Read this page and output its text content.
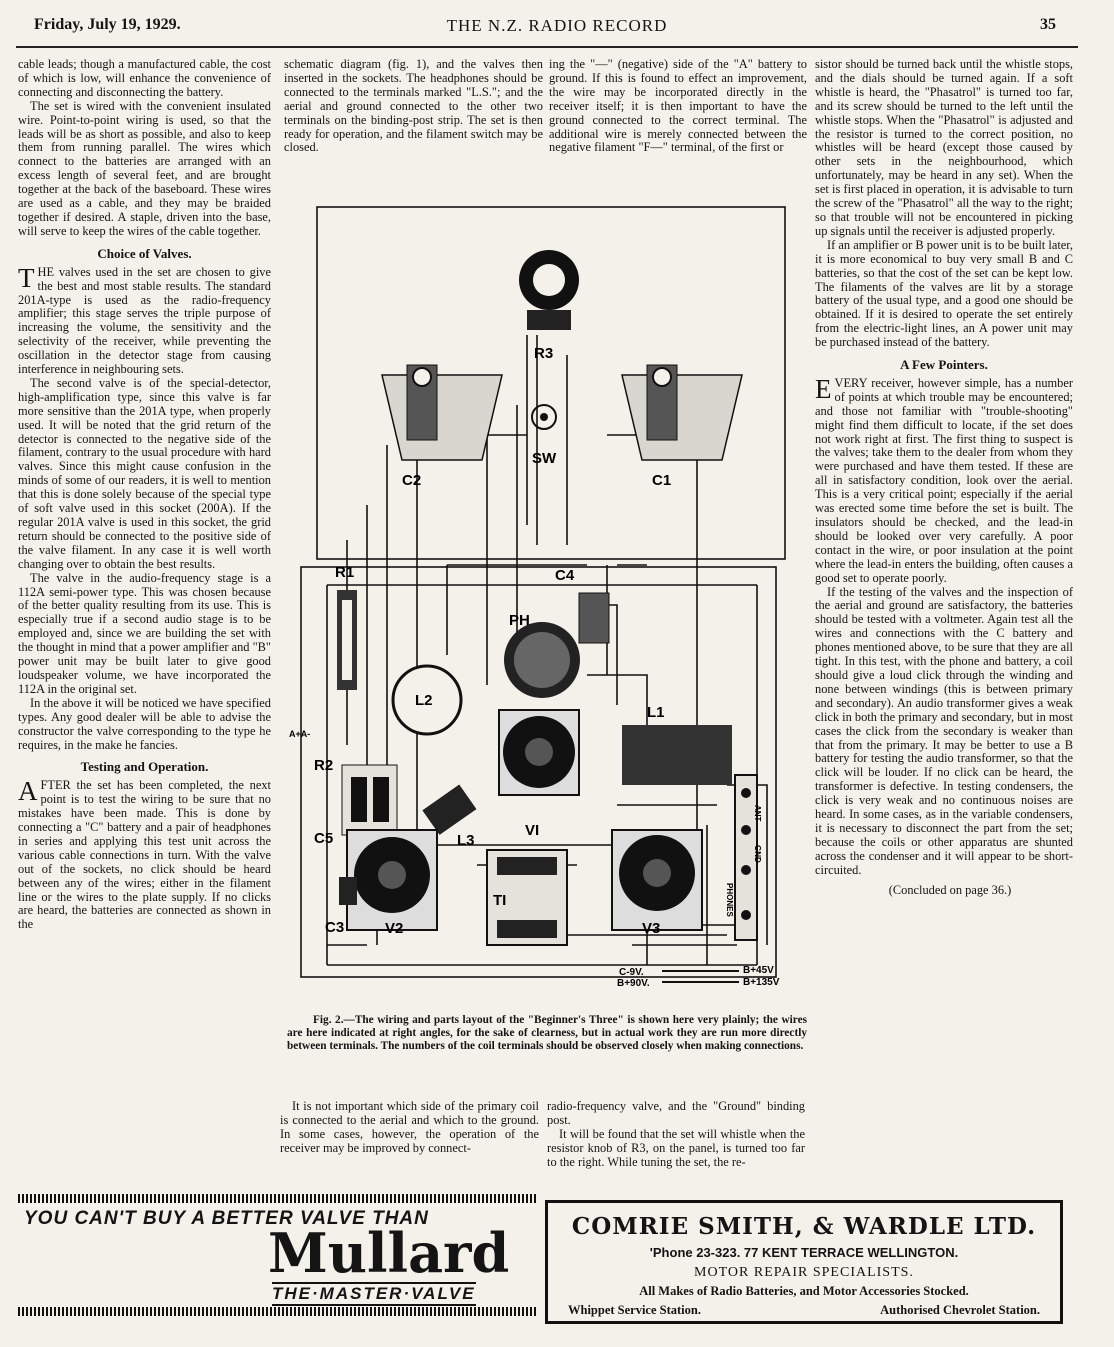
Friday, July 19, 1929.	THE N.Z. RADIO RECORD	35

cable leads; though a manufactured cable, the cost of which is low, will enhance the convenience of connecting and disconnecting the battery.

The set is wired with the convenient insulated wire. Point-to-point wiring is used, so that the leads will be as short as possible, and also to keep them from running parallel. The wires which connect to the batteries are arranged with an excess length of several feet, and are brought together at the back of the baseboard. These wires are used as a cable, and they may be braided together if desired. A staple, driven into the base, will serve to keep the wires of the cable together.

Choice of Valves.

THE valves used in the set are chosen to give the best and most stable results. The standard 201A-type is used as the radio-frequency amplifier; this stage serves the triple purpose of increasing the volume, the sensitivity and the selectivity of the receiver, while preventing the oscillation in the detector stage from causing interference in neighbouring sets.

The second valve is of the special-detector, high-amplification type, since this valve is far more sensitive than the 201A type, when properly used. It will be noted that the grid return of the detector is connected to the negative side of the filament, contrary to the usual procedure with hard valves. Since this might cause confusion in the minds of some of our readers, it is well to mention that this is done solely because of the special type of soft valve used in this socket (200A). If the regular 201A valve is used in this socket, the grid return should be connected to the positive side of the valve filament. In any case it is well worth changing over to obtain the best results.

The valve in the audio-frequency stage is a 112A semi-power type. This was chosen because of the better quality resulting from its use. This is especially true if a second audio stage is to be employed and, since we are building the set with the thought in mind that a power amplifier and "B" power unit may be built later to give good loudspeaker volume, we have incorporated the 112A in the original set.

In the above it will be noticed we have specified types. Any good dealer will be able to advise the constructor the valve corresponding to the type he requires, in the make he fancies.

Testing and Operation.

AFTER the set has been completed, the next point is to test the wiring to be sure that no mistakes have been made. This is done by connecting a "C" battery and a pair of headphones in series and applying this test unit across the various cable connections in turn. With the valve out of the sockets, no click should be heard between any of the wires; either in the filament line or the wires to the plate supply. If no clicks are heard, the batteries are connected as shown in the

schematic diagram (fig. 1), and the valves then inserted in the sockets. The headphones should be connected to the terminals marked "L.S."; and the aerial and ground connected to the other two terminals on the binding-post strip. The set is then ready for operation, and the filament switch may be closed.

ing the "—" (negative) side of the "A" battery to ground. If this is found to effect an improvement, the wire may be incorporated directly in the receiver itself; it is then important to have the ground connected to the correct terminal. The additional wire is merely connected between the negative filament "F—" terminal, of the first or

R3
SW
C2	C1
R1	C4
PH
L2
L1
VI
R2
C5	L3
TI
V2	V3
C3
A+A-
ANT
GND
PHONES
C-9V.
B+90V.
B+45V
B+135V

Fig. 2.—The wiring and parts layout of the "Beginner's Three" is shown here very plainly; the wires are here indicated at right angles, for the sake of clearness, but in actual work they are run more directly between terminals. The numbers of the coil terminals should be observed closely when making connections.

It is not important which side of the primary coil is connected to the aerial and which to the ground. In some cases, however, the operation of the receiver may be improved by connect-

radio-frequency valve, and the "Ground" binding post.

It will be found that the set will whistle when the resistor knob of R3, on the panel, is turned too far to the right. While tuning the set, the re-

sistor should be turned back until the whistle stops, and the dials should be turned again. If a soft whistle is heard, the "Phasatrol" is turned too far, and its screw should be turned to the left until the whistle stops. When the "Phasatrol" is adjusted and the resistor is turned to the correct position, no whistles will be heard (except those caused by other sets in the neighbourhood, which unfortunately, may be heard in any set). When the set is first placed in operation, it is advisable to turn the screw of the "Phasatrol" all the way to the right; so that trouble will not be encountered in picking up signals until the receiver is adjusted properly.

If an amplifier or B power unit is to be built later, it is more economical to buy very small B and C batteries, so that the cost of the set can be kept low. The filaments of the valves are lit by a storage battery of the usual type, and a good one should be obtained. If it is desired to operate the set entirely from the electric-light lines, an A power unit may be purchased instead of the battery.

A Few Pointers.

EVERY receiver, however simple, has a number of points at which trouble may be encountered; and those not familiar with "trouble-shooting" might find them difficult to locate, if the set does not work right at first. The first thing to suspect is the valves; take them to the dealer from whom they were purchased and have them tested. If these are all in satisfactory condition, look over the aerial. This is a very critical point; especially if the aerial was erected some time before the set is built. The insulators should be checked, and the lead-in should be looked over very carefully. A poor contact in the wire, or poor insulation at the point where the lead-in enters the building, often causes a good set to operate poorly.

If the testing of the valves and the inspection of the aerial and ground are satisfactory, the batteries should be tested with a voltmeter. Again test all the wires and connections with the C battery and phones mentioned above, to be sure that they are all tight. In this test, with the phone and battery, a coil should give a loud click through the winding and none between windings (this is between primary and secondary). An audio transformer gives a weak click in both the primary and secondary, but in most cases the click from the secondary is weaker than that from the primary. It may be better to use a B battery for testing the audio transformer, so that the click will be louder. If no click can be heard, the transformer is defective. In testing condensers, the click is very weak and no continuous noises are heard. In some cases, as in the variable condensers, it is necessary to disconnect the part from the set; because the coils or other apparatus are shunted across the condenser and it will appear to be short-circuited.

(Concluded on page 36.)

YOU CAN'T BUY A BETTER VALVE THAN
Mullard
THE·MASTER·VALVE
COMRIE SMITH, & WARDLE LTD.
'Phone 23-323. 77 KENT TERRACE WELLINGTON.
MOTOR REPAIR SPECIALISTS.
All Makes of Radio Batteries, and Motor Accessories Stocked.
Whippet Service Station.	Authorised Chevrolet Station.
